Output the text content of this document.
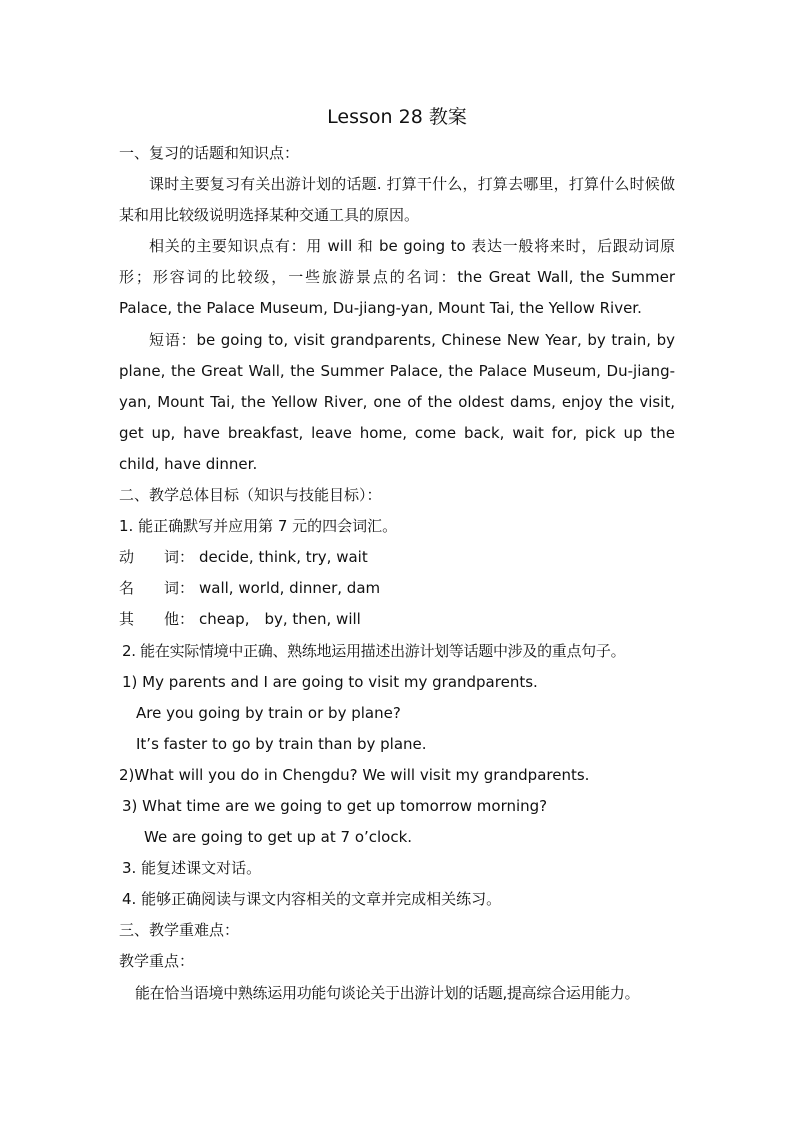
Lesson 28 教案

一、复习的话题和知识点：

课时主要复习有关出游计划的话题. 打算干什么，打算去哪里，打算什么时候做某和用比较级说明选择某种交通工具的原因。

相关的主要知识点有：用 will 和 be going to 表达一般将来时，后跟动词原形；形容词的比较级，一些旅游景点的名词：the Great Wall, the Summer Palace, the Palace Museum, Du-jiang-yan, Mount Tai, the Yellow River.

短语：be going to, visit grandparents, Chinese New Year, by train, by plane, the Great Wall, the Summer Palace, the Palace Museum, Du-jiang-yan, Mount Tai, the Yellow River, one of the oldest dams, enjoy the visit, get up, have breakfast, leave home, come back, wait for, pick up the child, have dinner.

二、教学总体目标（知识与技能目标）：

1. 能正确默写并应用第 7 元的四会词汇。

动　　词： decide, think, try, wait
名　　词： wall, world, dinner, dam
其　　他： cheap,　by, then, will

2. 能在实际情境中正确、熟练地运用描述出游计划等话题中涉及的重点句子。

1) My parents and I are going to visit my grandparents.

Are you going by train or by plane?

It’s faster to go by train than by plane.

2)What will you do in Chengdu? We will visit my grandparents.

3) What time are we going to get up tomorrow morning?

We are going to get up at 7 o’clock.

3. 能复述课文对话。

4. 能够正确阅读与课文内容相关的文章并完成相关练习。

三、教学重难点：

教学重点：

能在恰当语境中熟练运用功能句谈论关于出游计划的话题,提高综合运用能力。
